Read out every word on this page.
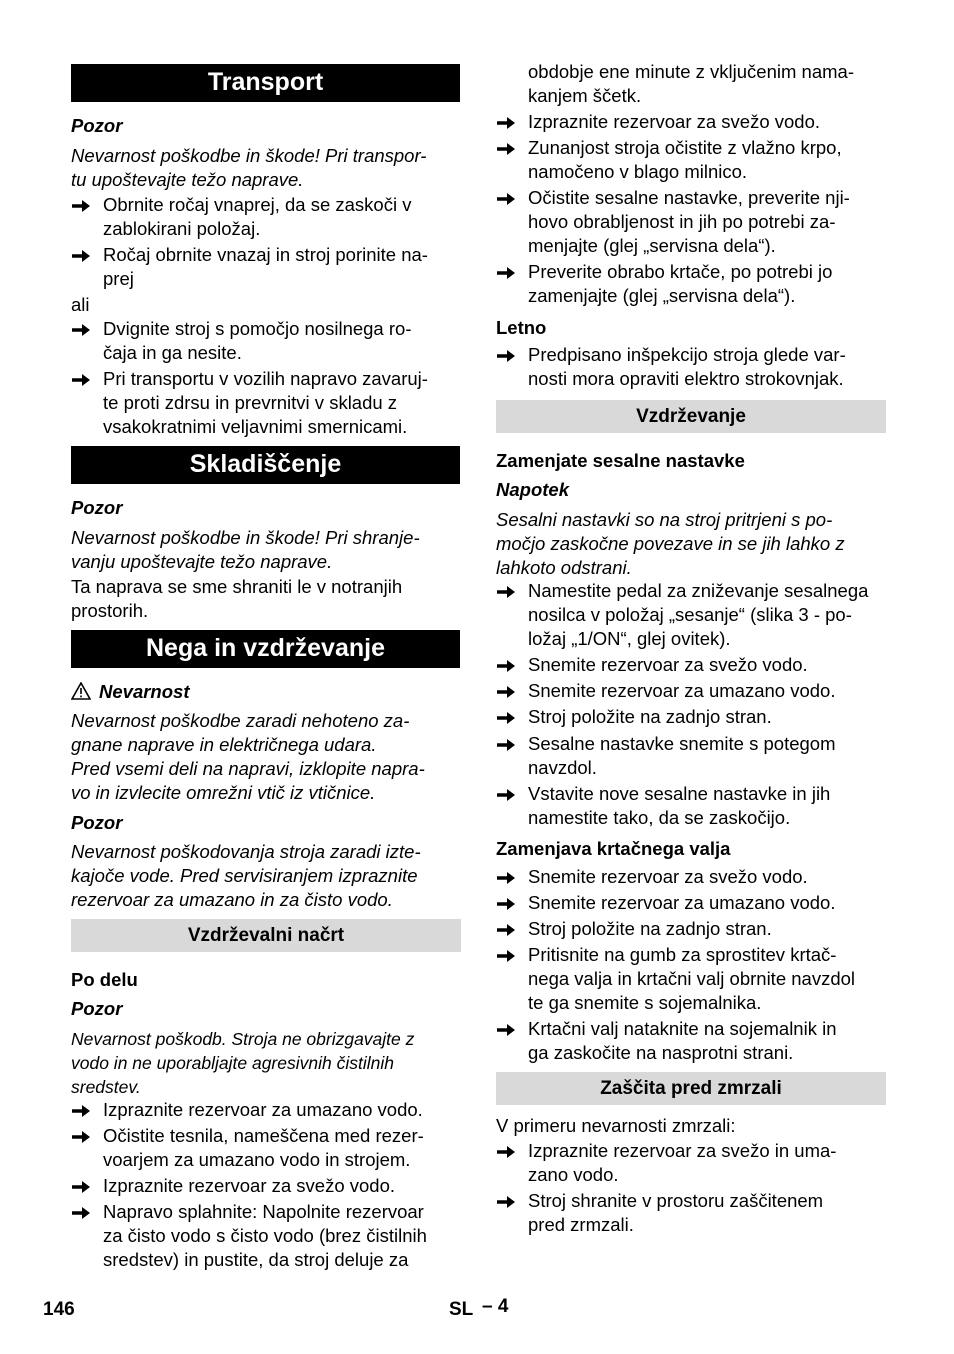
Transport
Pozor
Nevarnost poškodbe in škode! Pri transpor-
tu upoštevajte težo naprave.
Obrnite ročaj vnaprej, da se zaskoči v
zablokirani položaj.
Ročaj obrnite vnazaj in stroj porinite na-
prej
ali
Dvignite stroj s pomočjo nosilnega ro-
čaja in ga nesite.
Pri transportu v vozilih napravo zavaruj-
te proti zdrsu in prevrnitvi v skladu z
vsakokratnimi veljavnimi smernicami.
Skladiščenje
Pozor
Nevarnost poškodbe in škode! Pri shranje-
vanju upoštevajte težo naprave.
Ta naprava se sme shraniti le v notranjih
prostorih.
Nega in vzdrževanje
Nevarnost
Nevarnost poškodbe zaradi nehoteno za-
gnane naprave in električnega udara.
Pred vsemi deli na napravi, izklopite napra-
vo in izvlecite omrežni vtič iz vtičnice.
Pozor
Nevarnost poškodovanja stroja zaradi izte-
kajoče vode. Pred servisiranjem izpraznite
rezervoar za umazano in za čisto vodo.
Vzdrževalni načrt
Po delu
Pozor
Nevarnost poškodb. Stroja ne obrizgavajte z
vodo in ne uporabljajte agresivnih čistilnih
sredstev.
Izpraznite rezervoar za umazano vodo.
Očistite tesnila, nameščena med rezer-
voarjem za umazano vodo in strojem.
Izpraznite rezervoar za svežo vodo.
Napravo splahnite: Napolnite rezervoar
za čisto vodo s čisto vodo (brez čistilnih
sredstev) in pustite, da stroj deluje za
obdobje ene minute z vključenim nama-
kanjem ščetk.
Izpraznite rezervoar za svežo vodo.
Zunanjost stroja očistite z vlažno krpo,
namočeno v blago milnico.
Očistite sesalne nastavke, preverite nji-
hovo obrabljenost in jih po potrebi za-
menjajte (glej „servisna dela“).
Preverite obrabo krtače, po potrebi jo
zamenjajte (glej „servisna dela“).
Letno
Predpisano inšpekcijo stroja glede var-
nosti mora opraviti elektro strokovnjak.
Vzdrževanje
Zamenjate sesalne nastavke
Napotek
Sesalni nastavki so na stroj pritrjeni s po-
močjo zaskočne povezave in se jih lahko z
lahkoto odstrani.
Namestite pedal za zniževanje sesalnega
nosilca v položaj „sesanje“ (slika 3 - po-
ložaj „1/ON“, glej ovitek).
Snemite rezervoar za svežo vodo.
Snemite rezervoar za umazano vodo.
Stroj položite na zadnjo stran.
Sesalne nastavke snemite s potegom
navzdol.
Vstavite nove sesalne nastavke in jih
namestite tako, da se zaskočijo.
Zamenjava krtačnega valja
Snemite rezervoar za svežo vodo.
Snemite rezervoar za umazano vodo.
Stroj položite na zadnjo stran.
Pritisnite na gumb za sprostitev krtač-
nega valja in krtačni valj obrnite navzdol
te ga snemite s sojemalnika.
Krtačni valj nataknite na sojemalnik in
ga zaskočite na nasprotni strani.
Zaščita pred zmrzali
V primeru nevarnosti zmrzali:
Izpraznite rezervoar za svežo in uma-
zano vodo.
Stroj shranite v prostoru zaščitenem
pred zrmzali.
146	SL – 4
